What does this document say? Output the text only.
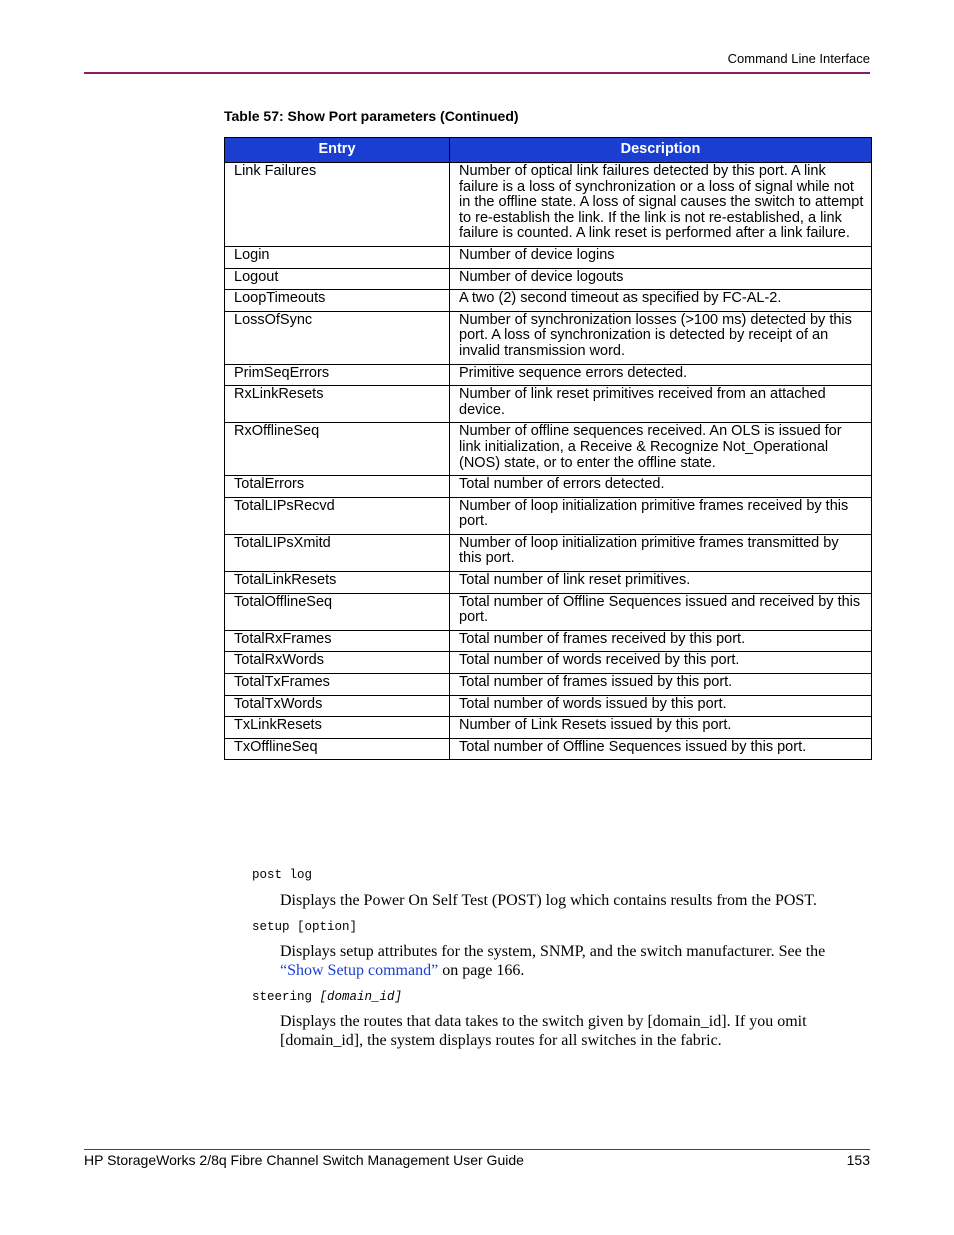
Command Line Interface
Table 57: Show Port parameters (Continued)
Entry	Description
Link Failures	Number of optical link failures detected by this port. A link failure is a loss of synchronization or a loss of signal while not in the offline state. A loss of signal causes the switch to attempt to re-establish the link. If the link is not re-established, a link failure is counted. A link reset is performed after a link failure.
Login	Number of device logins
Logout	Number of device logouts
LoopTimeouts	A two (2) second timeout as specified by FC-AL-2.
LossOfSync	Number of synchronization losses (>100 ms) detected by this port. A loss of synchronization is detected by receipt of an invalid transmission word.
PrimSeqErrors	Primitive sequence errors detected.
RxLinkResets	Number of link reset primitives received from an attached device.
RxOfflineSeq	Number of offline sequences received. An OLS is issued for link initialization, a Receive & Recognize Not_Operational (NOS) state, or to enter the offline state.
TotalErrors	Total number of errors detected.
TotalLIPsRecvd	Number of loop initialization primitive frames received by this port.
TotalLIPsXmitd	Number of loop initialization primitive frames transmitted by this port.
TotalLinkResets	Total number of link reset primitives.
TotalOfflineSeq	Total number of Offline Sequences issued and received by this port.
TotalRxFrames	Total number of frames received by this port.
TotalRxWords	Total number of words received by this port.
TotalTxFrames	Total number of frames issued by this port.
TotalTxWords	Total number of words issued by this port.
TxLinkResets	Number of Link Resets issued by this port.
TxOfflineSeq	Total number of Offline Sequences issued by this port.
post log
Displays the Power On Self Test (POST) log which contains results from the POST.
setup [option]
Displays setup attributes for the system, SNMP, and the switch manufacturer. See the “Show Setup command” on page 166.
steering [domain_id]
Displays the routes that data takes to the switch given by [domain_id]. If you omit [domain_id], the system displays routes for all switches in the fabric.
HP StorageWorks 2/8q Fibre Channel Switch Management User Guide	153
